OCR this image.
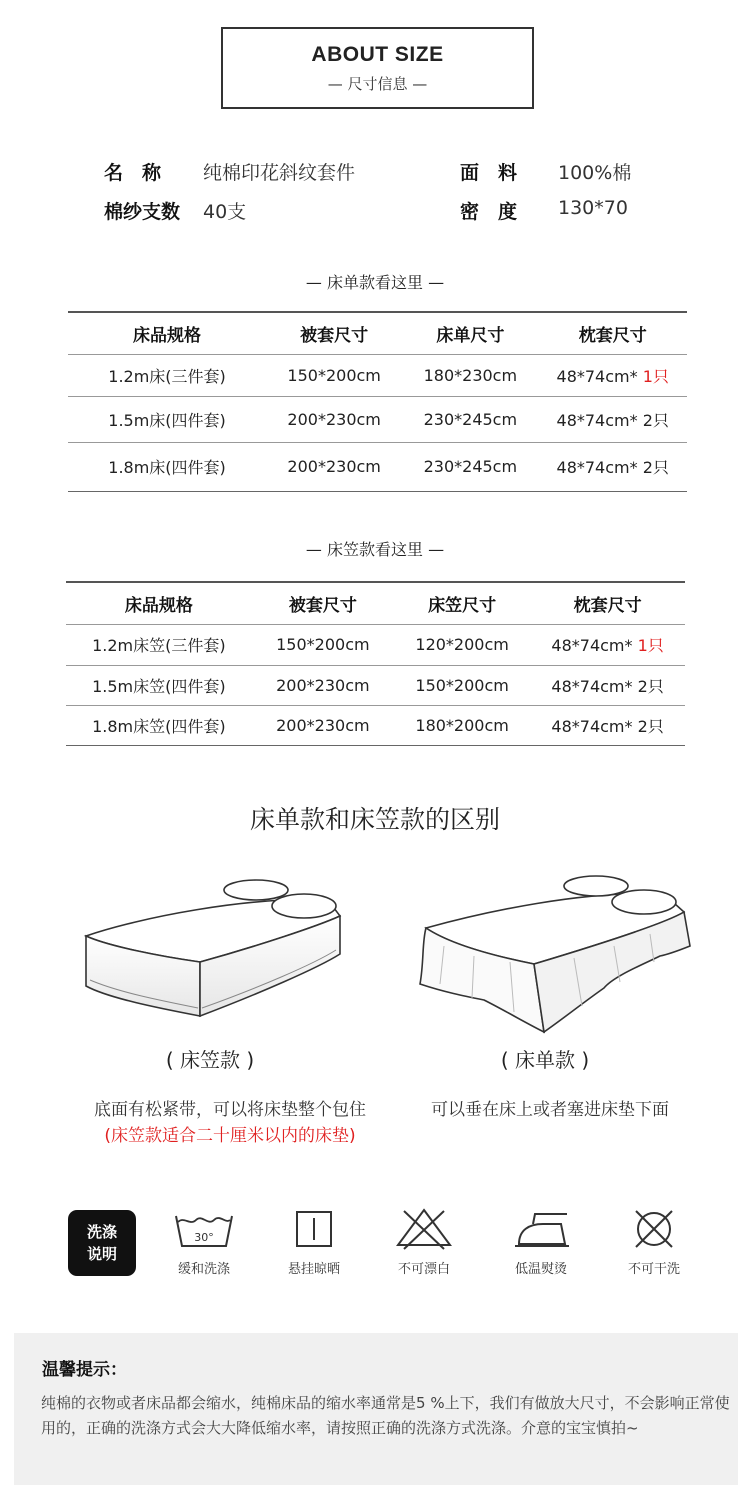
ABOUT SIZE
— 尺寸信息 —
名　称 纯棉印花斜纹套件	面　料 100%棉
棉纱支数 40支	密　度 130*70
— 床单款看这里 —
床品规格	被套尺寸	床单尺寸	枕套尺寸
1.2m床(三件套)	150*200cm	180*230cm	48*74cm* 1只
1.5m床(四件套)	200*230cm	230*245cm	48*74cm* 2只
1.8m床(四件套)	200*230cm	230*245cm	48*74cm* 2只
— 床笠款看这里 —
床品规格	被套尺寸	床笠尺寸	枕套尺寸
1.2m床笠(三件套)	150*200cm	120*200cm	48*74cm* 1只
1.5m床笠(四件套)	200*230cm	150*200cm	48*74cm* 2只
1.8m床笠(四件套)	200*230cm	180*200cm	48*74cm* 2只
床单款和床笠款的区别
( 床笠款 )	( 床单款 )
底面有松紧带，可以将床垫整个包住
(床笠款适合二十厘米以内的床垫)
可以垂在床上或者塞进床垫下面
洗涤
说明
30°
缓和洗涤	悬挂晾晒	不可漂白	低温熨烫	不可干洗
温馨提示：
纯棉的衣物或者床品都会缩水，纯棉床品的缩水率通常是5 %上下，我们有做放大尺寸，不会影响正常使用的，正确的洗涤方式会大大降低缩水率，请按照正确的洗涤方式洗涤。介意的宝宝慎拍~
